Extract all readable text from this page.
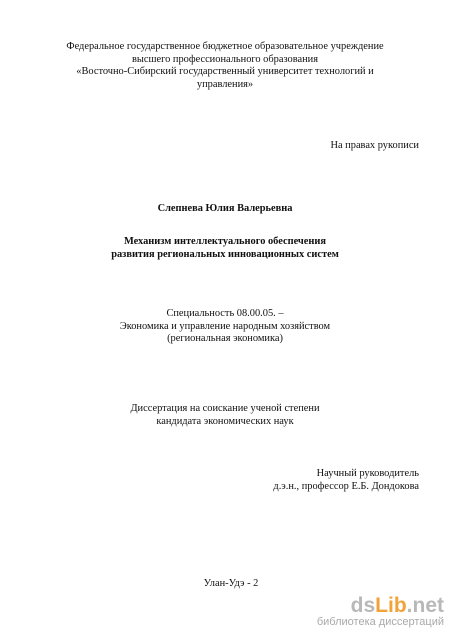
Федеральное государственное бюджетное образовательное учреждение
высшего профессионального образования
«Восточно-Сибирский государственный университет технологий и
управления»
На правах рукописи
Слепнева Юлия Валерьевна
Механизм интеллектуального обеспечения
развития региональных инновационных систем
Специальность 08.00.05. –
Экономика и управление народным хозяйством
(региональная экономика)
Диссертация на соискание ученой степени
кандидата экономических наук
Научный руководитель
д.э.н., профессор Е.Б. Дондокова
Улан-Удэ - 2
dsLib.net
библиотека диссертаций
